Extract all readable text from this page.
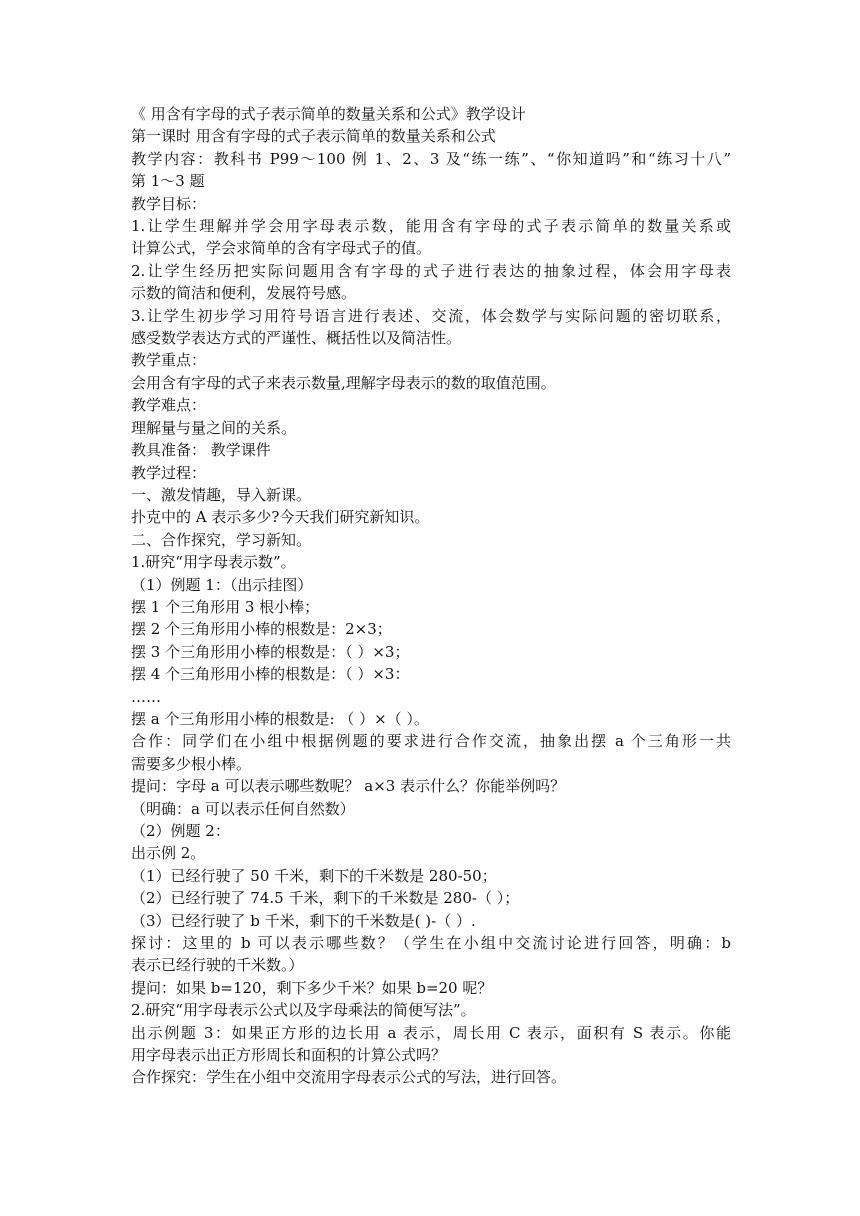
《 用含有字母的式子表示简单的数量关系和公式》教学设计
第一课时 用含有字母的式子表示简单的数量关系和公式
教学内容：教科书 P99～100 例 1、2、3 及“练一练”、“你知道吗”和“练习十八”
第 1～3 题
教学目标：
1.让学生理解并学会用字母表示数，能用含有字母的式子表示简单的数量关系或
计算公式，学会求简单的含有字母式子的值。
2.让学生经历把实际问题用含有字母的式子进行表达的抽象过程，体会用字母表
示数的简洁和便利，发展符号感。
3.让学生初步学习用符号语言进行表述、交流，体会数学与实际问题的密切联系，
感受数学表达方式的严谨性、概括性以及简洁性。
教学重点：
会用含有字母的式子来表示数量,理解字母表示的数的取值范围。
教学难点：
理解量与量之间的关系。
教具准备： 教学课件
教学过程：
一、激发情趣，导入新课。
扑克中的 A 表示多少?今天我们研究新知识。
二、合作探究，学习新知。
1.研究“用字母表示数”。
（1）例题 1：（出示挂图）
摆 1 个三角形用 3 根小棒；
摆 2 个三角形用小棒的根数是：2×3；
摆 3 个三角形用小棒的根数是：（ ）×3；
摆 4 个三角形用小棒的根数是：（ ）×3：
……
摆 a 个三角形用小棒的根数是: （ ）×（ ）。
合作：同学们在小组中根据例题的要求进行合作交流，抽象出摆 a 个三角形一共
需要多少根小棒。
提问：字母 a 可以表示哪些数呢？ a×3 表示什么？你能举例吗？
（明确：a 可以表示任何自然数）
（2）例题 2：
出示例 2。
（1）已经行驶了 50 千米，剩下的千米数是 280-50；
（2）已经行驶了 74.5 千米，剩下的千米数是 280-（ ）；
（3）已经行驶了 b 千米，剩下的千米数是( )-（ ）.
探讨：这里的 b 可以表示哪些数？（学生在小组中交流讨论进行回答，明确：b
表示已经行驶的千米数。）
提问：如果 b=120，剩下多少千米？如果 b=20 呢？
2.研究“用字母表示公式以及字母乘法的简便写法”。
出示例题 3：如果正方形的边长用 a 表示，周长用 C 表示，面积有 S 表示。你能
用字母表示出正方形周长和面积的计算公式吗？
合作探究：学生在小组中交流用字母表示公式的写法，进行回答。
